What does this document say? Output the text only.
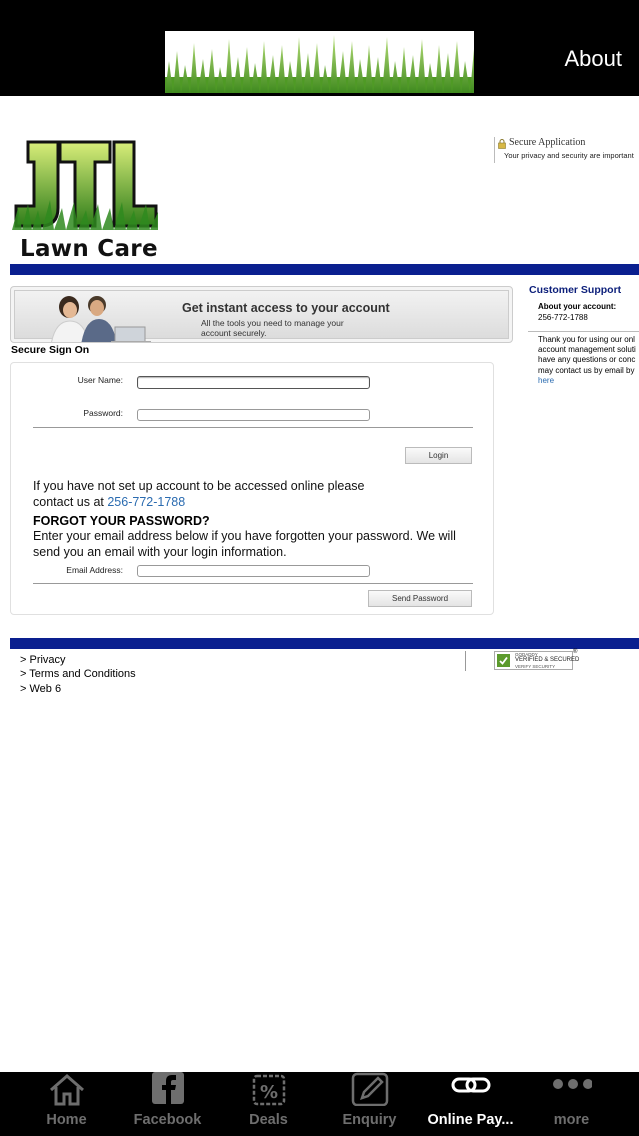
About
Lawn Care
Secure Application
Your privacy and security are important
Get instant access to your account
All the tools you need to manage your account securely.
Secure Sign On
User Name:
Password:
Login
If you have not set up account to be accessed online please contact us at 256-772-1788
FORGOT YOUR PASSWORD?
Enter your email address below if you have forgotten your password. We will send you an email with your login information.
Email Address:
Send Password
Customer Support
About your account:
256-772-1788
Thank you for using our onl
account management soluti
have any questions or conc
may contact us by email by
here
> Privacy
> Terms and Conditions
> Web 6
GODADDY
VERIFIED & SECURED
VERIFY SECURITY
®
Home	Facebook
%
Deals	Enquiry	Online Pay...	more
